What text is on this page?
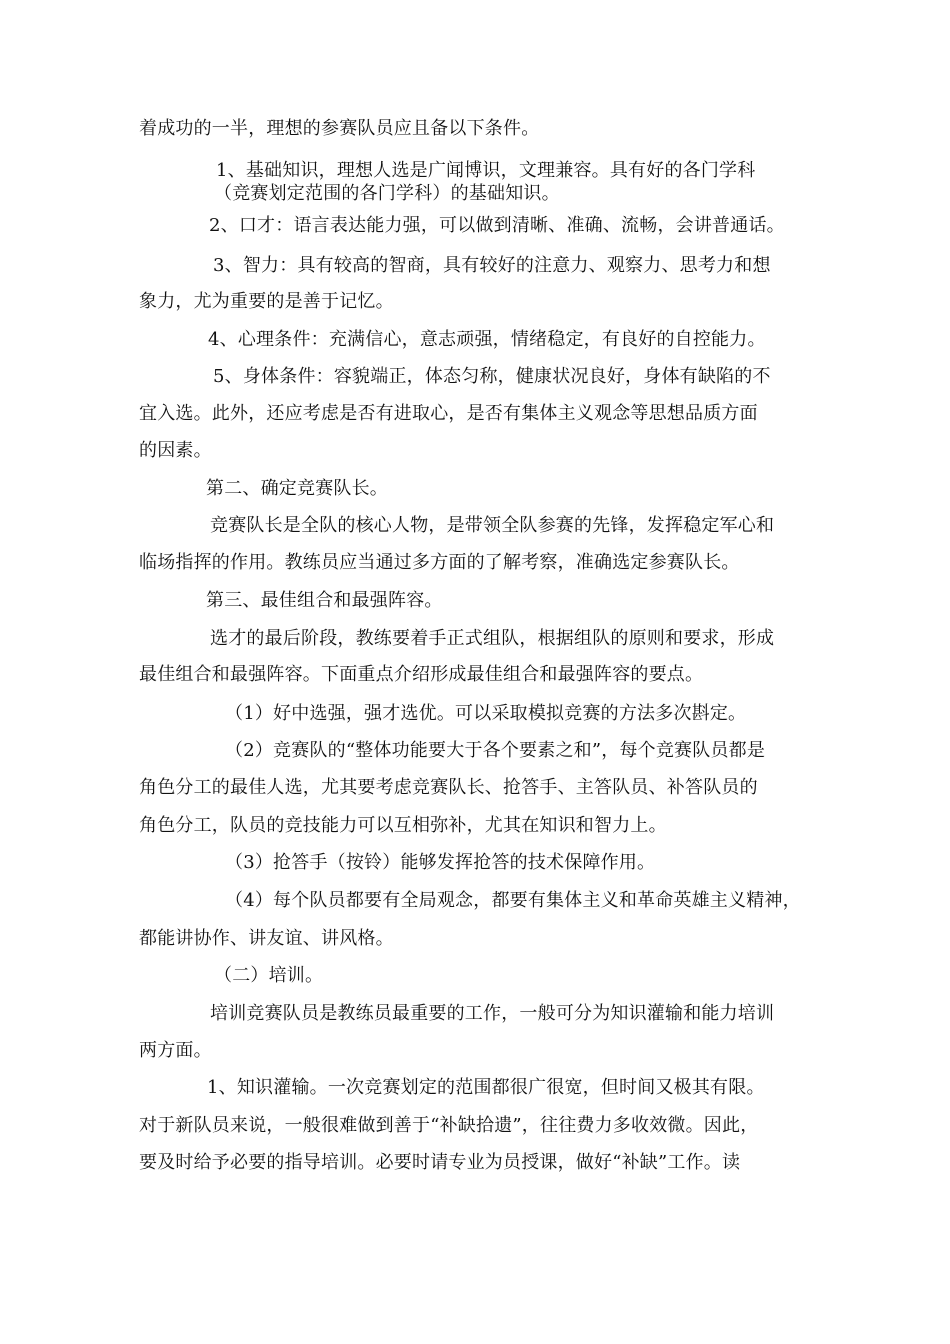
着成功的一半，理想的参赛队员应且备以下条件。
1、基础知识，理想人选是广闻博识，文理兼容。具有好的各门学科
（竞赛划定范围的各门学科）的基础知识。
2、口才：语言表达能力强，可以做到清晰、准确、流畅，会讲普通话。
3、智力：具有较高的智商，具有较好的注意力、观察力、思考力和想
象力，尤为重要的是善于记忆。
4、心理条件：充满信心，意志顽强，情绪稳定，有良好的自控能力。
5、身体条件：容貌端正，体态匀称，健康状况良好，身体有缺陷的不
宜入选。此外，还应考虑是否有进取心，是否有集体主义观念等思想品质方面
的因素。
第二、确定竞赛队长。
竞赛队长是全队的核心人物，是带领全队参赛的先锋，发挥稳定军心和
临场指挥的作用。教练员应当通过多方面的了解考察，准确选定参赛队长。
第三、最佳组合和最强阵容。
选才的最后阶段，教练要着手正式组队，根据组队的原则和要求，形成
最佳组合和最强阵容。下面重点介绍形成最佳组合和最强阵容的要点。
（1）好中选强，强才选优。可以采取模拟竞赛的方法多次斟定。
（2）竞赛队的“整体功能要大于各个要素之和”，每个竞赛队员都是
角色分工的最佳人选，尤其要考虑竞赛队长、抢答手、主答队员、补答队员的
角色分工，队员的竞技能力可以互相弥补，尤其在知识和智力上。
（3）抢答手（按铃）能够发挥抢答的技术保障作用。
（4）每个队员都要有全局观念，都要有集体主义和革命英雄主义精神，
都能讲协作、讲友谊、讲风格。
（二）培训。
培训竞赛队员是教练员最重要的工作，一般可分为知识灌输和能力培训
两方面。
1、知识灌输。一次竞赛划定的范围都很广很宽，但时间又极其有限。
对于新队员来说，一般很难做到善于“补缺拾遗”，往往费力多收效微。因此，
要及时给予必要的指导培训。必要时请专业为员授课，做好“补缺”工作。读
